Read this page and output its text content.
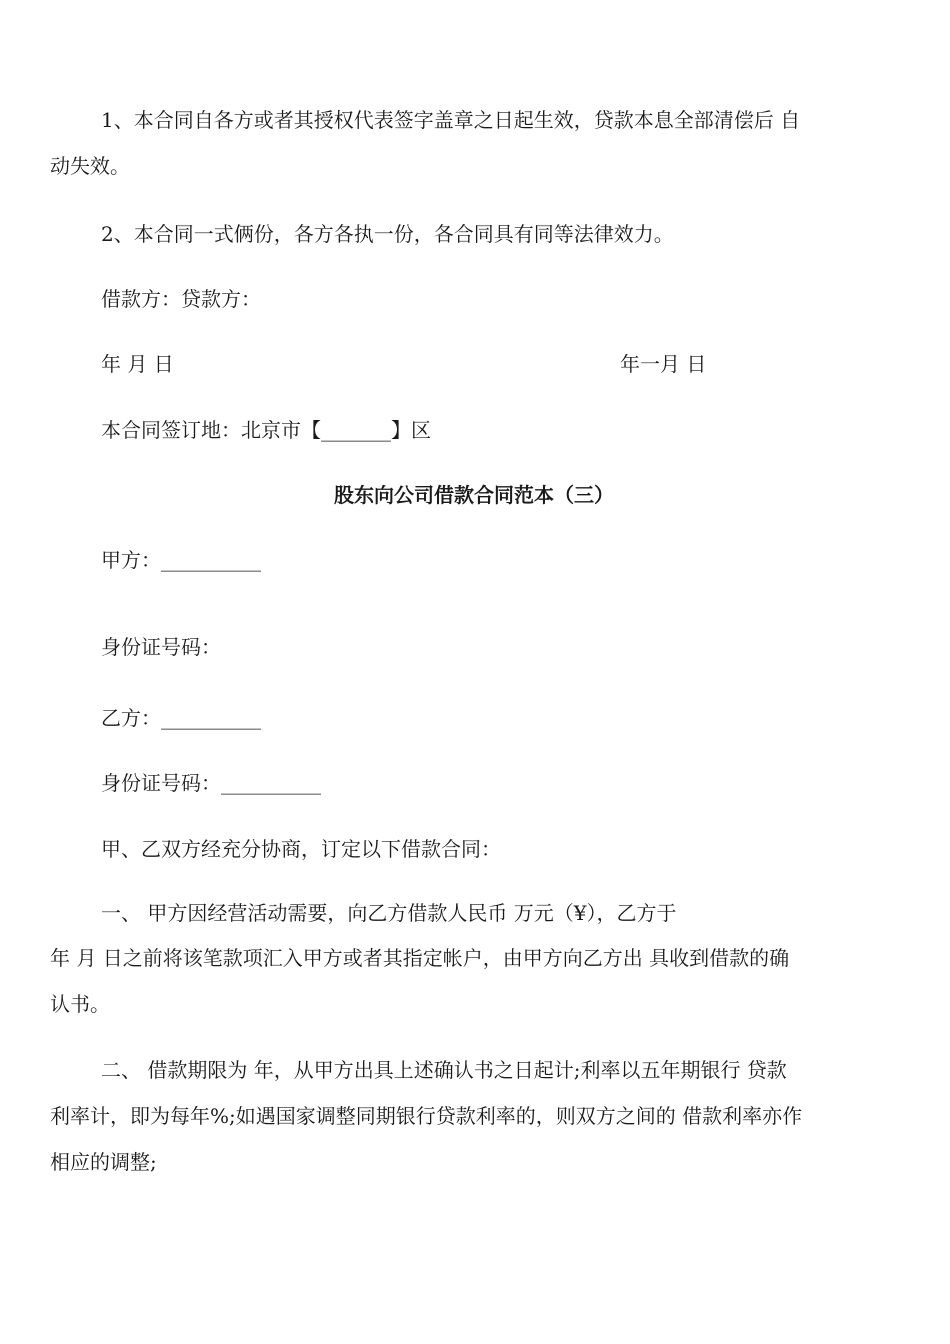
1、本合同自各方或者其授权代表签字盖章之日起生效，贷款本息全部清偿后 自
动失效。
2、本合同一式俩份，各方各执一份，各合同具有同等法律效力。
借款方：贷款方：
年 月 日	年一月 日
本合同签订地：北京市【_______】区
股东向公司借款合同范本（三）
甲方：__________
身份证号码：
乙方：__________
身份证号码：__________
甲、乙双方经充分协商，订定以下借款合同：
一、 甲方因经营活动需要，向乙方借款人民币 万元（¥），乙方于
年 月 日之前将该笔款项汇入甲方或者其指定帐户，由甲方向乙方出 具收到借款的确
认书。
二、 借款期限为 年，从甲方出具上述确认书之日起计;利率以五年期银行 贷款
利率计，即为每年%;如遇国家调整同期银行贷款利率的，则双方之间的 借款利率亦作
相应的调整;
